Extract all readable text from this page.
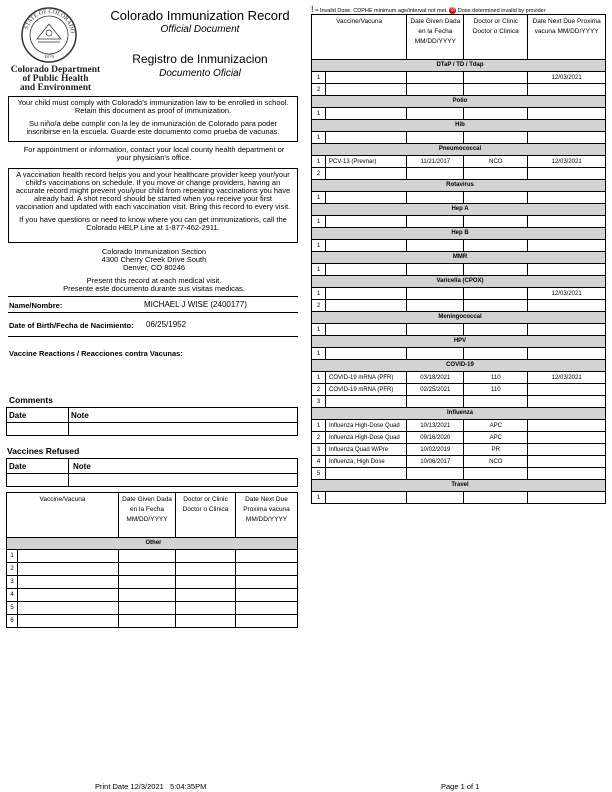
STATE OF COLORADO
1876
Colorado Department
of Public Health
and Environment
Colorado Immunization Record
Official Document
Registro de Inmunizacion
Documento Oficial
Your child must comply with Colorado's immunization law to be enrolled in school. Retain this document as proof of immunization.
Su niño/a debe cumplir con la ley de inmunización de Colorado para poder inscribirse en la escuela. Guarde este documento como prueba de vacunas.
For appointment or information, contact your local county health department or your physician's office.
A vaccination health record helps you and your healthcare provider keep your/your child's vaccinations on schedule. If you move or change providers, having an accurate record might prevent you/your child from repeating vaccinations you have already had. A shot record should be started when you receive your first vaccination and updated with each vaccination visit. Bring this record to every visit.
If you have questions or need to know where you can get immunizations, call the Colorado HELP Line at 1-877-462-2911.
Colorado Immunization Section
4300 Cherry Creek Drive South
Denver, CO 80246
Present this record at each medical visit.
Presente este documento durante sus visitas medicas.
Name/Nombre:	MICHAEL J WISE (2400177)
Date of Birth/Fecha de Nacimiento: 06/25/1952
Vaccine Reactions / Reacciones contra Vacunas:
Comments
Date	Note

Vaccines Refused
Date	Note

Vaccine/Vacuna	Date Given Dada en la Fecha MM/DD/YYYY	Doctor or Clinic Doctor o Clinica	Date Next Due Proxima vacuna MM/DD/YYYY
Other			
1			
2			
3			
4			
5			
6			
! = Invalid Dose. CDPHE minimum age/interval not met. ⊘ Dose determined invalid by provider
Vaccine/Vacuna		Date Given Dada en la Fecha MM/DD/YYYY	Doctor or Clinic Doctor o Clinica	Date Next Due Proxima vacuna MM/DD/YYYY
DTaP / TD / Tdap				
1				12/03/2021
2				
Polio				
1				
Hib				
1				
Pneumococcal				
1	PCV-13 (Prevnar)	11/21/2017	NCO	12/03/2021
2				
Rotavirus				
1				
Hep A				
1				
Hep B				
1				
MMR				
1				
Varicella (CPOX)				
1				12/03/2021
2				
Meningococcal				
1				
HPV				
1				
COVID-19				
1	COVID-19 mRNA (PFR)	03/18/2021	110	12/03/2021
2	COVID-19 mRNA (PFR)	02/25/2021	110	
3				
Influenza				
1	Influenza High-Dose Quad	10/13/2021	APC	
2	Influenza High-Dose Quad	09/16/2020	APC	
3	Influenza Quad W/Pre	10/02/2019	PR	
4	Influenza, High Dose	10/06/2017	NCO	
5				
Travel				
1				
Print Date 12/3/2021   5:04:35PM	Page 1 of 1
